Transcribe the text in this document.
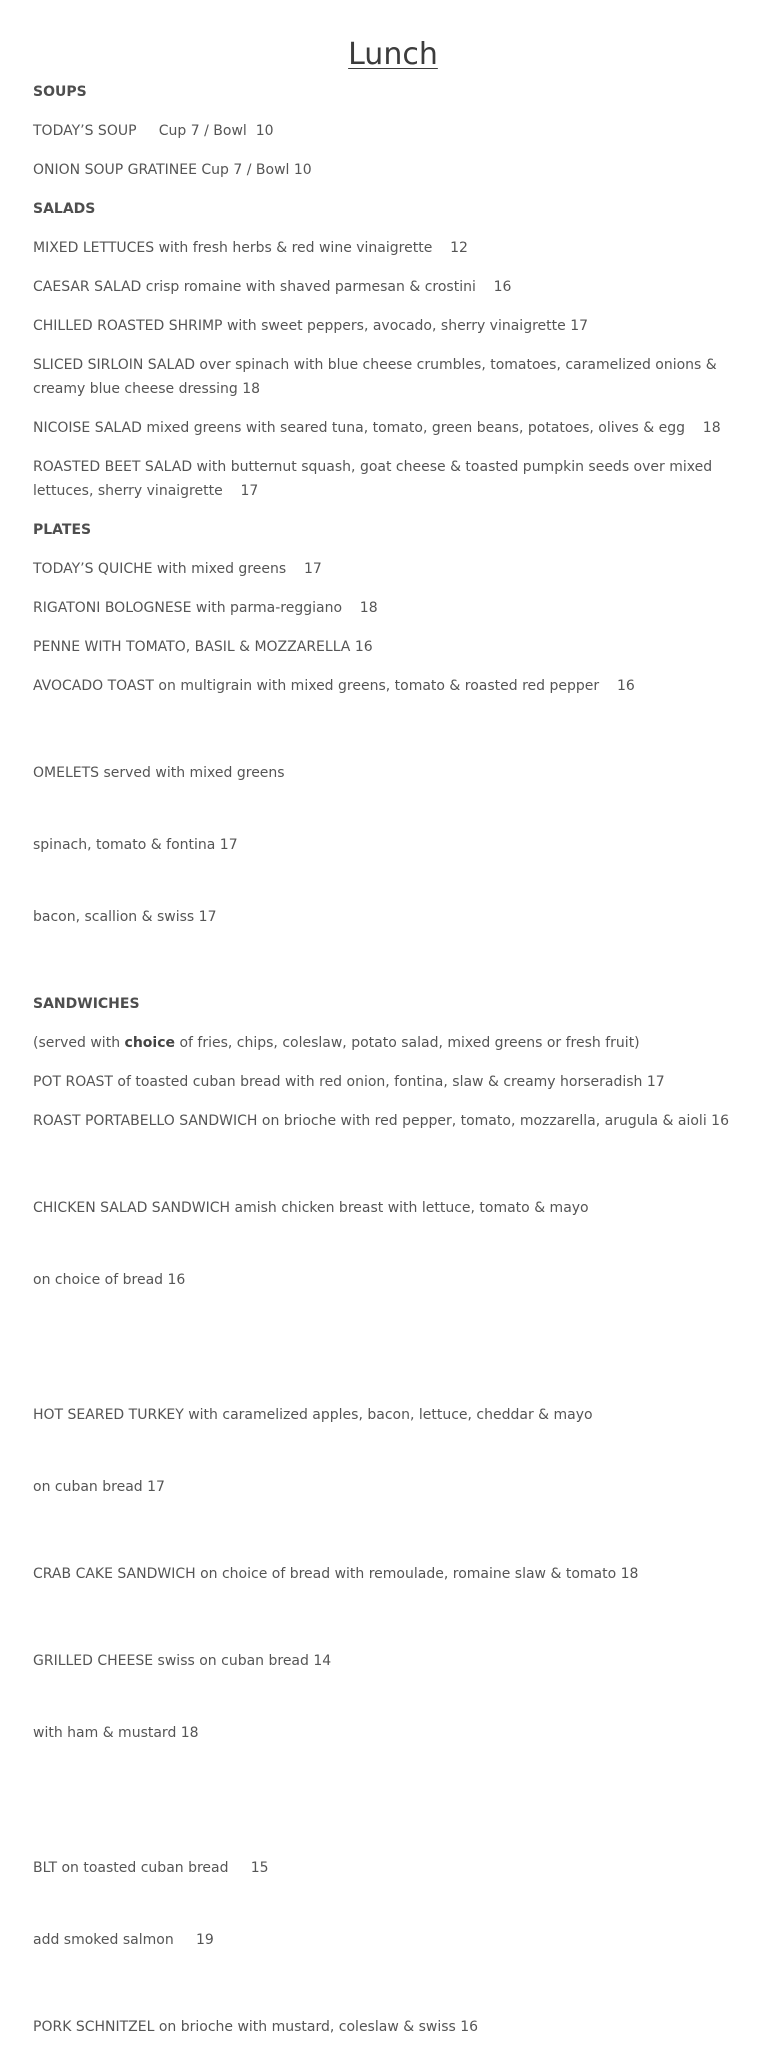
Lunch
SOUPS
TODAY’S SOUP     Cup 7 / Bowl  10
ONION SOUP GRATINEE Cup 7 / Bowl 10
SALADS
MIXED LETTUCES with fresh herbs & red wine vinaigrette    12
CAESAR SALAD crisp romaine with shaved parmesan & crostini    16
CHILLED ROASTED SHRIMP with sweet peppers, avocado, sherry vinaigrette 17
SLICED SIRLOIN SALAD over spinach with blue cheese crumbles, tomatoes, caramelized onions & creamy blue cheese dressing 18
NICOISE SALAD mixed greens with seared tuna, tomato, green beans, potatoes, olives & egg    18
ROASTED BEET SALAD with butternut squash, goat cheese & toasted pumpkin seeds over mixed lettuces, sherry vinaigrette    17
PLATES
TODAY’S QUICHE with mixed greens    17
RIGATONI BOLOGNESE with parma-reggiano    18
PENNE WITH TOMATO, BASIL & MOZZARELLA 16
AVOCADO TOAST on multigrain with mixed greens, tomato & roasted red pepper    16

OMELETS served with mixed greens

spinach, tomato & fontina 17

bacon, scallion & swiss 17

SANDWICHES
(served with choice of fries, chips, coleslaw, potato salad, mixed greens or fresh fruit)
POT ROAST of toasted cuban bread with red onion, fontina, slaw & creamy horseradish 17
ROAST PORTABELLO SANDWICH on brioche with red pepper, tomato, mozzarella, arugula & aioli 16

CHICKEN SALAD SANDWICH amish chicken breast with lettuce, tomato & mayo

on choice of bread 16

HOT SEARED TURKEY with caramelized apples, bacon, lettuce, cheddar & mayo

on cuban bread 17

CRAB CAKE SANDWICH on choice of bread with remoulade, romaine slaw & tomato 18

GRILLED CHEESE swiss on cuban bread 14

with ham & mustard 18

BLT on toasted cuban bread     15

add smoked salmon     19

PORK SCHNITZEL on brioche with mustard, coleslaw & swiss 16
